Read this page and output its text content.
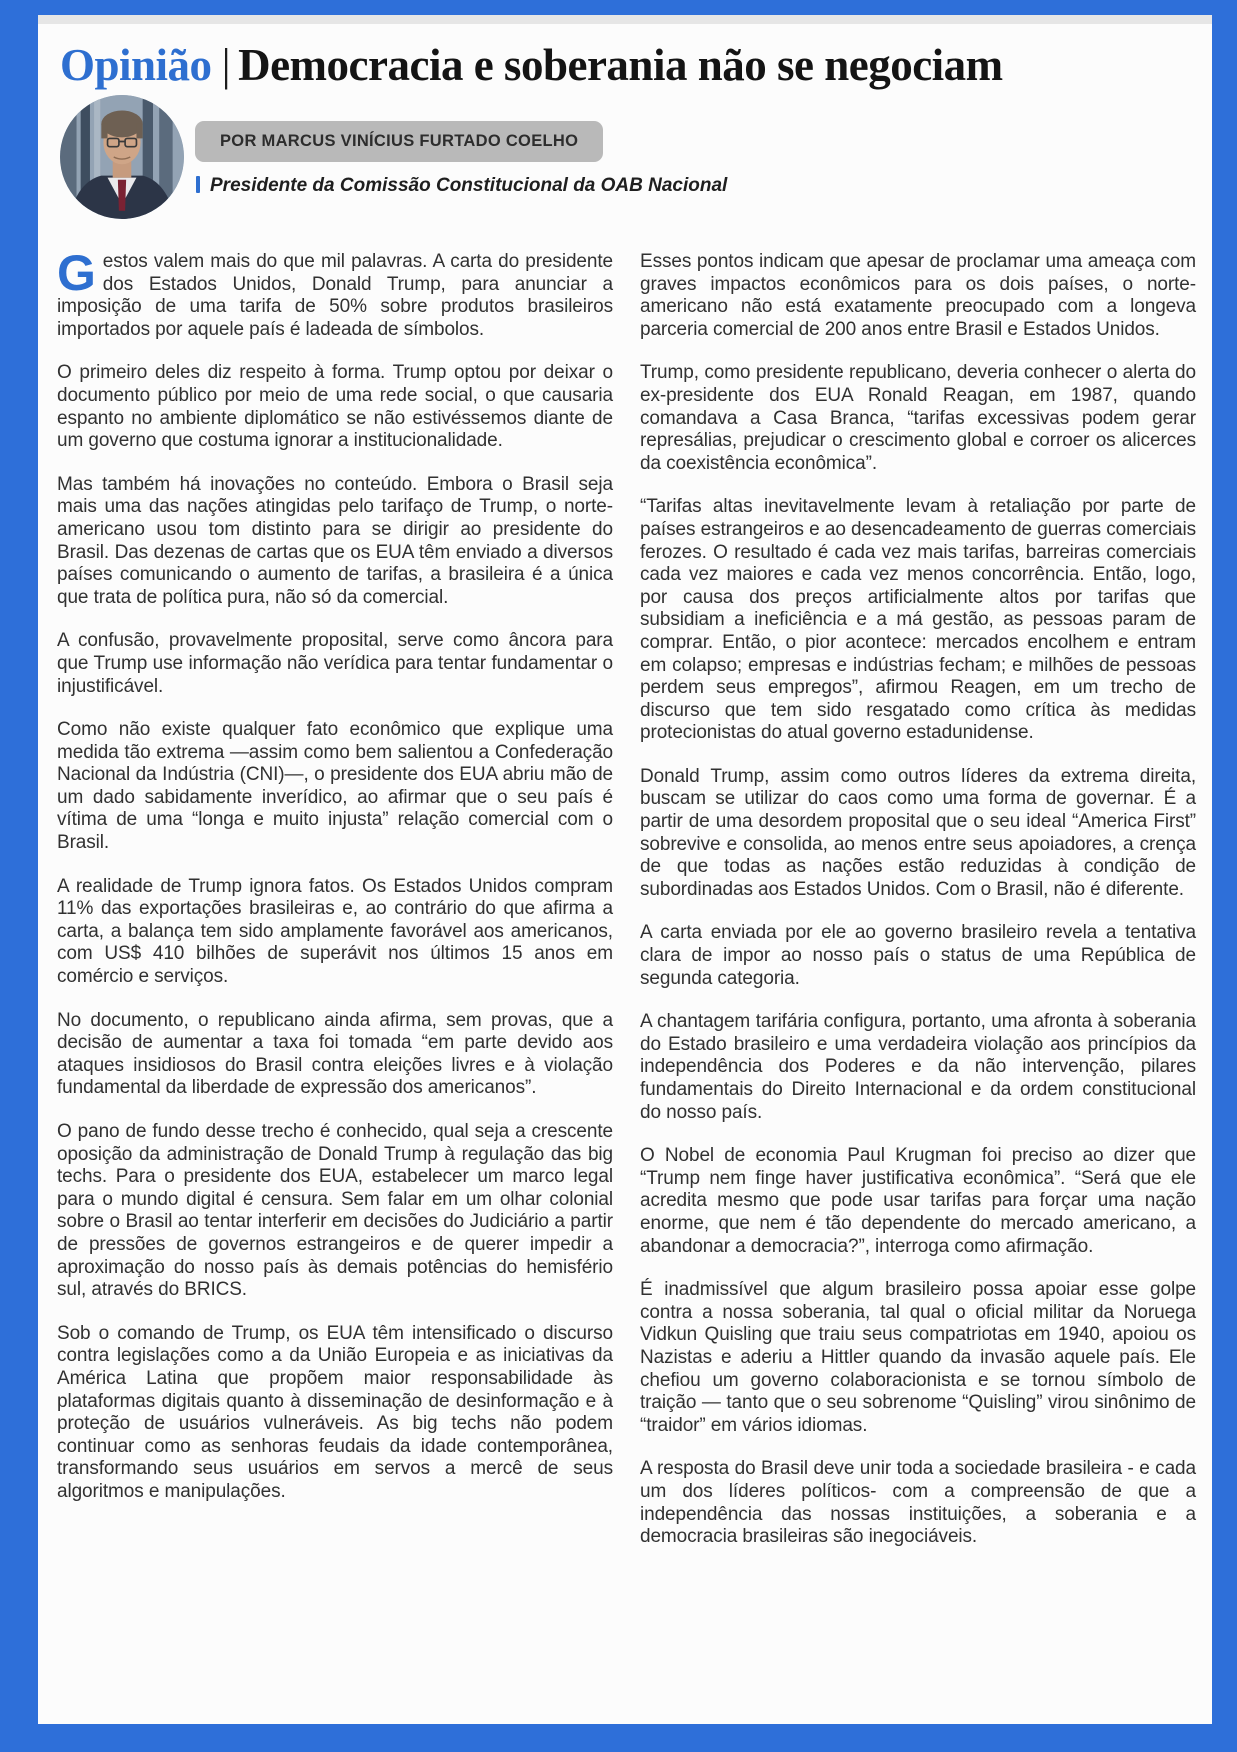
Opinião | Democracia e soberania não se negociam
POR MARCUS VINÍCIUS FURTADO COELHO
Presidente da Comissão Constitucional da OAB Nacional

Gestos valem mais do que mil palavras. A carta do presidente dos Estados Unidos, Donald Trump, para anunciar a imposição de uma tarifa de 50% sobre produtos brasileiros importados por aquele país é ladeada de símbolos.

O primeiro deles diz respeito à forma. Trump optou por deixar o documento público por meio de uma rede social, o que causaria espanto no ambiente diplomático se não estivéssemos diante de um governo que costuma ignorar a institucionalidade.

Mas também há inovações no conteúdo. Embora o Brasil seja mais uma das nações atingidas pelo tarifaço de Trump, o norte-americano usou tom distinto para se dirigir ao presidente do Brasil. Das dezenas de cartas que os EUA têm enviado a diversos países comunicando o aumento de tarifas, a brasileira é a única que trata de política pura, não só da comercial.

A confusão, provavelmente proposital, serve como âncora para que Trump use informação não verídica para tentar fundamentar o injustificável.

Como não existe qualquer fato econômico que explique uma medida tão extrema —assim como bem salientou a Confederação Nacional da Indústria (CNI)—, o presidente dos EUA abriu mão de um dado sabidamente inverídico, ao afirmar que o seu país é vítima de uma “longa e muito injusta” relação comercial com o Brasil.

A realidade de Trump ignora fatos. Os Estados Unidos compram 11% das exportações brasileiras e, ao contrário do que afirma a carta, a balança tem sido amplamente favorável aos americanos, com US$ 410 bilhões de superávit nos últimos 15 anos em comércio e serviços.

No documento, o republicano ainda afirma, sem provas, que a decisão de aumentar a taxa foi tomada “em parte devido aos ataques insidiosos do Brasil contra eleições livres e à violação fundamental da liberdade de expressão dos americanos”.

O pano de fundo desse trecho é conhecido, qual seja a crescente oposição da administração de Donald Trump à regulação das big techs. Para o presidente dos EUA, estabelecer um marco legal para o mundo digital é censura. Sem falar em um olhar colonial sobre o Brasil ao tentar interferir em decisões do Judiciário a partir de pressões de governos estrangeiros e de querer impedir a aproximação do nosso país às demais potências do hemisfério sul, através do BRICS.

Sob o comando de Trump, os EUA têm intensificado o discurso contra legislações como a da União Europeia e as iniciativas da América Latina que propõem maior responsabilidade às plataformas digitais quanto à disseminação de desinformação e à proteção de usuários vulneráveis. As big techs não podem continuar como as senhoras feudais da idade contemporânea, transformando seus usuários em servos a mercê de seus algoritmos e manipulações.

Esses pontos indicam que apesar de proclamar uma ameaça com graves impactos econômicos para os dois países, o norte-americano não está exatamente preocupado com a longeva parceria comercial de 200 anos entre Brasil e Estados Unidos.

Trump, como presidente republicano, deveria conhecer o alerta do ex-presidente dos EUA Ronald Reagan, em 1987, quando comandava a Casa Branca, “tarifas excessivas podem gerar represálias, prejudicar o crescimento global e corroer os alicerces da coexistência econômica”.

“Tarifas altas inevitavelmente levam à retaliação por parte de países estrangeiros e ao desencadeamento de guerras comerciais ferozes. O resultado é cada vez mais tarifas, barreiras comerciais cada vez maiores e cada vez menos concorrência. Então, logo, por causa dos preços artificialmente altos por tarifas que subsidiam a ineficiência e a má gestão, as pessoas param de comprar. Então, o pior acontece: mercados encolhem e entram em colapso; empresas e indústrias fecham; e milhões de pessoas perdem seus empregos”, afirmou Reagen, em um trecho de discurso que tem sido resgatado como crítica às medidas protecionistas do atual governo estadunidense.

Donald Trump, assim como outros líderes da extrema direita, buscam se utilizar do caos como uma forma de governar. É a partir de uma desordem proposital que o seu ideal “America First” sobrevive e consolida, ao menos entre seus apoiadores, a crença de que todas as nações estão reduzidas à condição de subordinadas aos Estados Unidos. Com o Brasil, não é diferente.

A carta enviada por ele ao governo brasileiro revela a tentativa clara de impor ao nosso país o status de uma República de segunda categoria.

A chantagem tarifária configura, portanto, uma afronta à soberania do Estado brasileiro e uma verdadeira violação aos princípios da independência dos Poderes e da não intervenção, pilares fundamentais do Direito Internacional e da ordem constitucional do nosso país.

O Nobel de economia Paul Krugman foi preciso ao dizer que “Trump nem finge haver justificativa econômica”. “Será que ele acredita mesmo que pode usar tarifas para forçar uma nação enorme, que nem é tão dependente do mercado americano, a abandonar a democracia?”, interroga como afirmação.

É inadmissível que algum brasileiro possa apoiar esse golpe contra a nossa soberania, tal qual o oficial militar da Noruega Vidkun Quisling que traiu seus compatriotas em 1940, apoiou os Nazistas e aderiu a Hittler quando da invasão aquele país. Ele chefiou um governo colaboracionista e se tornou símbolo de traição — tanto que o seu sobrenome “Quisling” virou sinônimo de “traidor” em vários idiomas.

A resposta do Brasil deve unir toda a sociedade brasileira - e cada um dos líderes políticos- com a compreensão de que a independência das nossas instituições, a soberania e a democracia brasileiras são inegociáveis.
